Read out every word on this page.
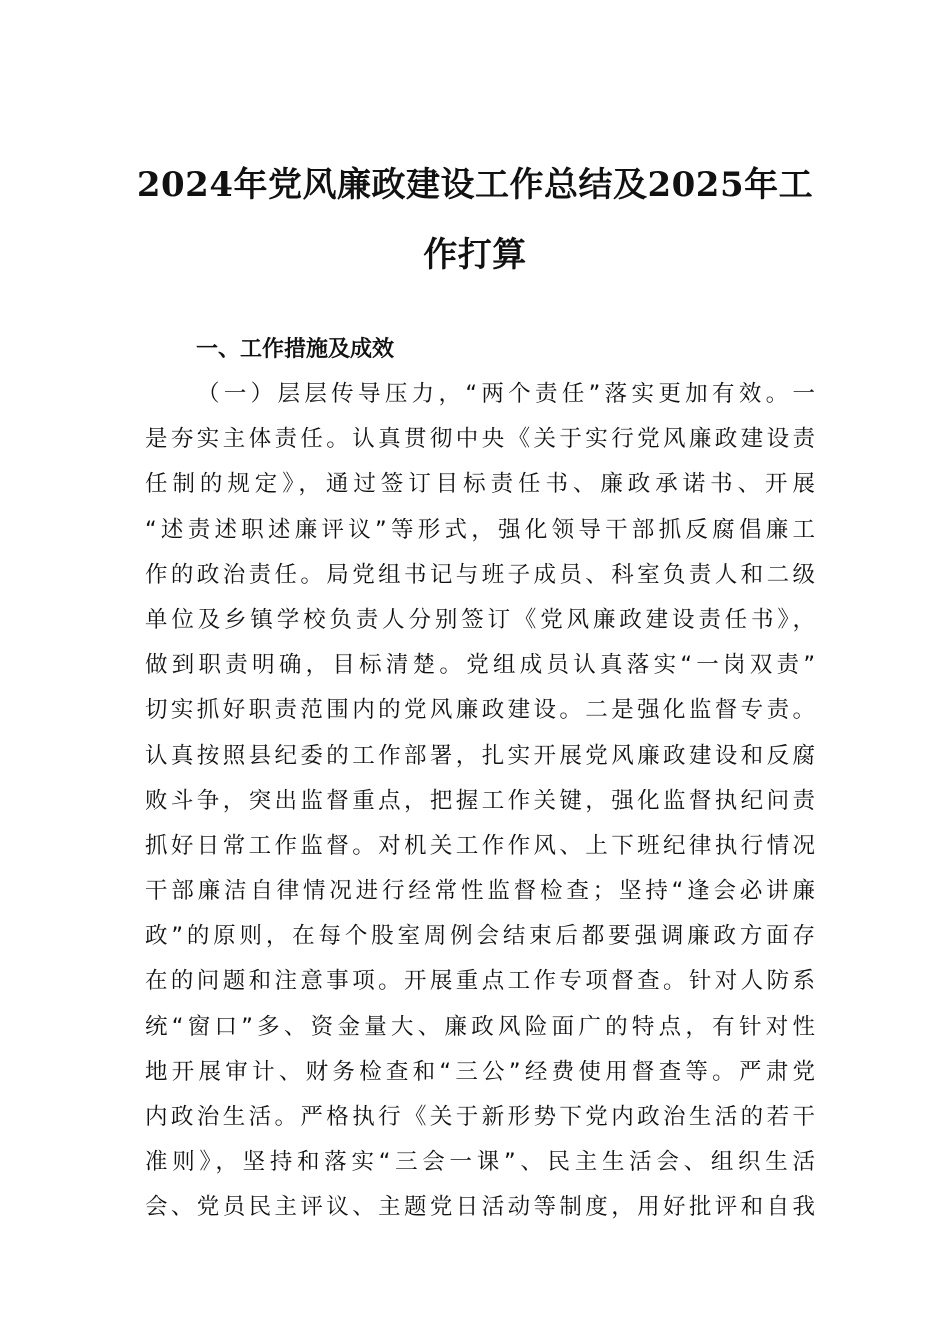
2024年党风廉政建设工作总结及2025年工
作打算
一、工作措施及成效
（一）层层传导压力，“两个责任”落实更加有效。一
是夯实主体责任。认真贯彻中央《关于实行党风廉政建设责
任制的规定》，通过签订目标责任书、廉政承诺书、开展
“述责述职述廉评议”等形式，强化领导干部抓反腐倡廉工
作的政治责任。局党组书记与班子成员、科室负责人和二级
单位及乡镇学校负责人分别签订《党风廉政建设责任书》，
做到职责明确，目标清楚。党组成员认真落实“一岗双责”
切实抓好职责范围内的党风廉政建设。二是强化监督专责。
认真按照县纪委的工作部署，扎实开展党风廉政建设和反腐
败斗争，突出监督重点，把握工作关键，强化监督执纪问责
抓好日常工作监督。对机关工作作风、上下班纪律执行情况
干部廉洁自律情况进行经常性监督检查；坚持“逢会必讲廉
政”的原则，在每个股室周例会结束后都要强调廉政方面存
在的问题和注意事项。开展重点工作专项督查。针对人防系
统“窗口”多、资金量大、廉政风险面广的特点，有针对性
地开展审计、财务检查和“三公”经费使用督查等。严肃党
内政治生活。严格执行《关于新形势下党内政治生活的若干
准则》，坚持和落实“三会一课”、民主生活会、组织生活
会、党员民主评议、主题党日活动等制度，用好批评和自我
